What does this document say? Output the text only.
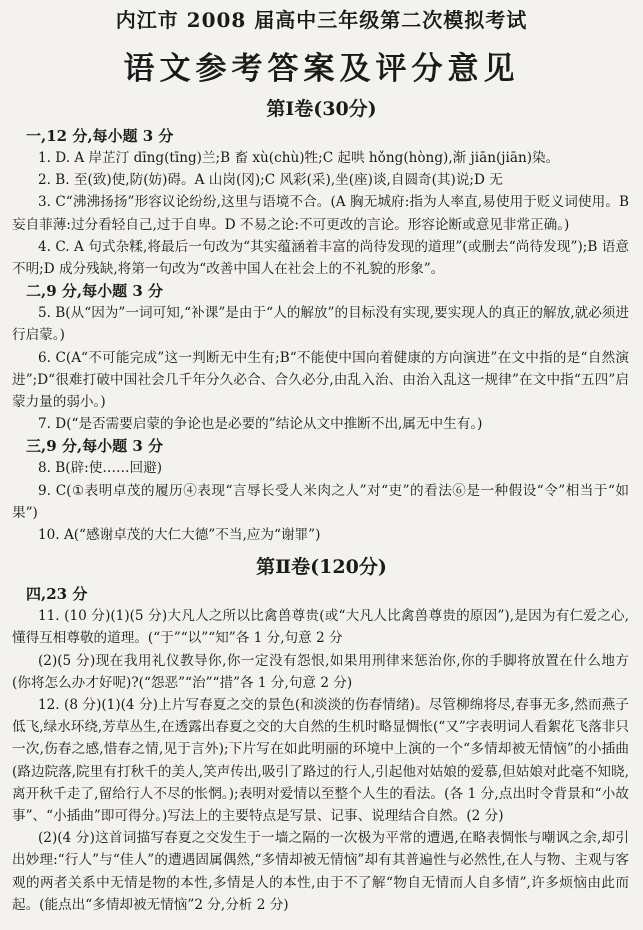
内江市 2008 届高中三年级第二次模拟考试
语文参考答案及评分意见
第Ⅰ卷(30分)
一,12 分,每小题 3 分
1. D. A 岸芷汀 dīng(tīng)兰;B 畜 xù(chù)牲;C 起哄 hǒng(hòng),渐 jiān(jiān)染。
2. B. 至(致)使,防(妨)碍。A 山岗(冈);C 风彩(采),坐(座)谈,自圆奇(其)说;D 无
3. C“沸沸扬扬”形容议论纷纷,这里与语境不合。(A 胸无城府:指为人率直,易使用于贬义词使用。B 妄自菲薄:过分看轻自己,过于自卑。D 不易之论:不可更改的言论。形容论断或意见非常正确。)
4. C. A 句式杂糅,将最后一句改为“其实蕴涵着丰富的尚待发现的道理”(或删去“尚待发现”);B 语意不明;D 成分残缺,将第一句改为“改善中国人在社会上的不礼貌的形象”。
二,9 分,每小题 3 分
5. B(从“因为”一词可知,“补课”是由于“人的解放”的目标没有实现,要实现人的真正的解放,就必须进行启蒙。)
6. C(A“不可能完成”这一判断无中生有;B“不能使中国向着健康的方向演进”在文中指的是“自然演进”;D“很难打破中国社会几千年分久必合、合久必分,由乱入治、由治入乱这一规律”在文中指“五四”启蒙力量的弱小。)
7. D(“是否需要启蒙的争论也是必要的”结论从文中推断不出,属无中生有。)
三,9 分,每小题 3 分
8. B(辟:使……回避)
9. C(①表明卓茂的履历④表现“言辱长受人米肉之人”对“吏”的看法⑥是一种假设“令”相当于“如果”)
10. A(“感谢卓茂的大仁大德”不当,应为“谢罪”)
第Ⅱ卷(120分)
四,23 分
11. (10 分)(1)(5 分)大凡人之所以比禽兽尊贵(或“大凡人比禽兽尊贵的原因”),是因为有仁爱之心,懂得互相尊敬的道理。(“于”“以”“知”各 1 分,句意 2 分
(2)(5 分)现在我用礼仪教导你,你一定没有怨恨,如果用刑律来惩治你,你的手脚将放置在什么地方(你将怎么办才好呢)?(“怨恶”“治”“措”各 1 分,句意 2 分)
12. (8 分)(1)(4 分)上片写春夏之交的景色(和淡淡的伤春情绪)。尽管柳绵将尽,春事无多,然而燕子低飞,绿水环绕,芳草丛生,在透露出春夏之交的大自然的生机时略显惆怅(“又”字表明词人看絮花飞落非只一次,伤春之感,惜春之情,见于言外);下片写在如此明丽的环境中上演的一个“多情却被无情恼”的小插曲(路边院落,院里有打秋千的美人,笑声传出,吸引了路过的行人,引起他对姑娘的爱慕,但姑娘对此毫不知晓,离开秋千走了,留给行人不尽的怅惘。);表明对爱情以至整个人生的看法。(各 1 分,点出时令背景和“小故事”、“小插曲”即可得分。)写法上的主要特点是写景、记事、说理结合自然。(2 分)
(2)(4 分)这首词描写春夏之交发生于一墙之隔的一次极为平常的遭遇,在略表惆怅与嘲讽之余,却引出妙理:“行人”与“佳人”的遭遇固属偶然,“多情却被无情恼”却有其普遍性与必然性,在人与物、主观与客观的两者关系中无情是物的本性,多情是人的本性,由于不了解“物自无情而人自多情”,许多烦恼由此而起。(能点出“多情却被无情恼”2 分,分析 2 分)
